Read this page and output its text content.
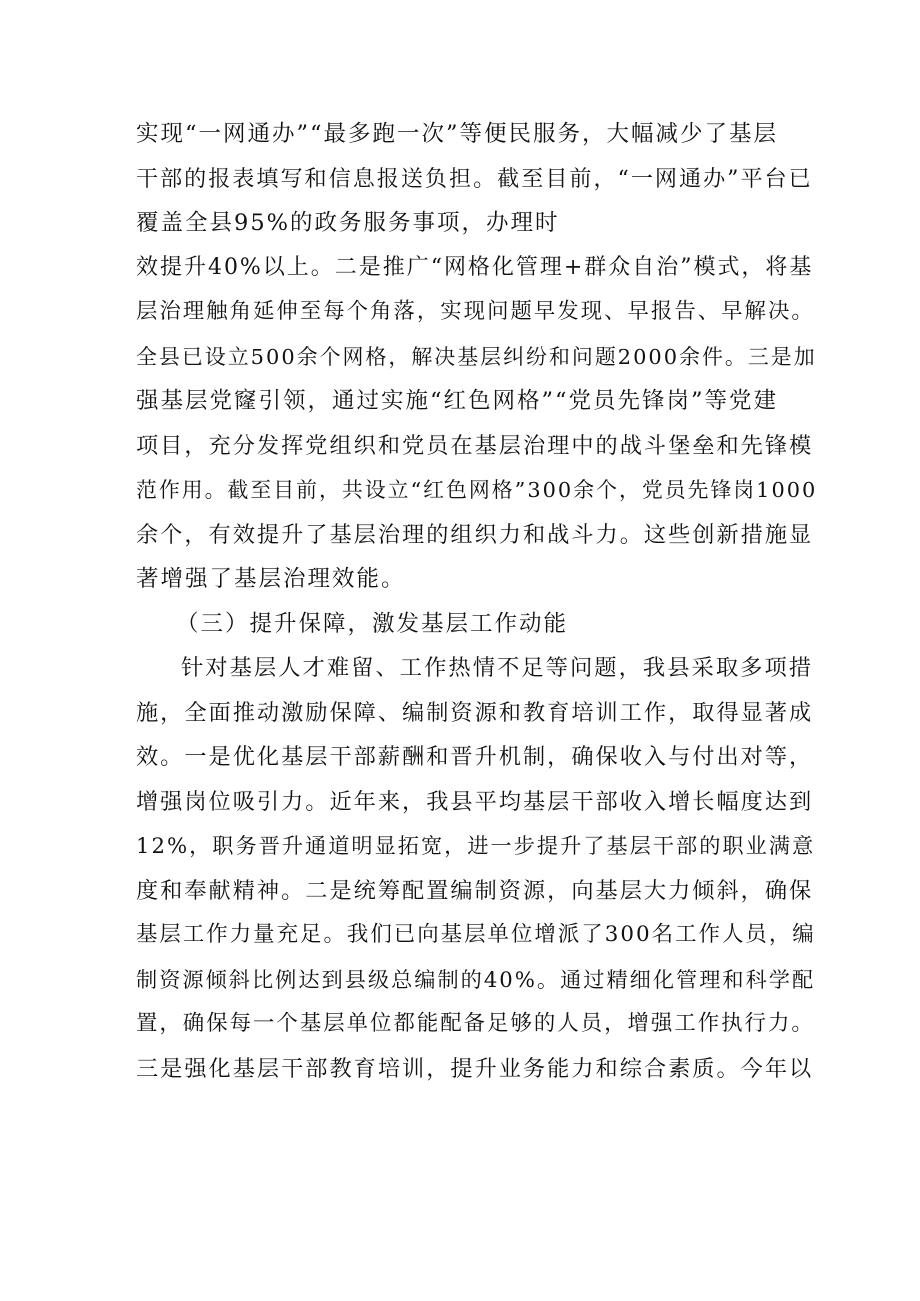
实现“一网通办”“最多跑一次”等便民服务，大幅减少了基层
干部的报表填写和信息报送负担。截至目前，“一网通办”平台已
覆盖全县95%的政务服务事项，办理时
效提升40%以上。二是推广“网格化管理+群众自治”模式，将基
层治理触角延伸至每个角落，实现问题早发现、早报告、早解决。
全县已设立500余个网格，解决基层纠纷和问题2000余件。三是加
强基层党窿引领，通过实施“红色网格”“党员先锋岗”等党建
项目，充分发挥党组织和党员在基层治理中的战斗堡垒和先锋模
范作用。截至目前，共设立“红色网格”300余个，党员先锋岗1000
余个，有效提升了基层治理的组织力和战斗力。这些创新措施显
著增强了基层治理效能。
（三）提升保障，激发基层工作动能
针对基层人才难留、工作热情不足等问题，我县采取多项措
施，全面推动激励保障、编制资源和教育培训工作，取得显著成
效。一是优化基层干部薪酬和晋升机制，确保收入与付出对等，
增强岗位吸引力。近年来，我县平均基层干部收入增长幅度达到
12%，职务晋升通道明显拓宽，进一步提升了基层干部的职业满意
度和奉献精神。二是统筹配置编制资源，向基层大力倾斜，确保
基层工作力量充足。我们已向基层单位增派了300名工作人员，编
制资源倾斜比例达到县级总编制的40%。通过精细化管理和科学配
置，确保每一个基层单位都能配备足够的人员，增强工作执行力。
三是强化基层干部教育培训，提升业务能力和综合素质。今年以
